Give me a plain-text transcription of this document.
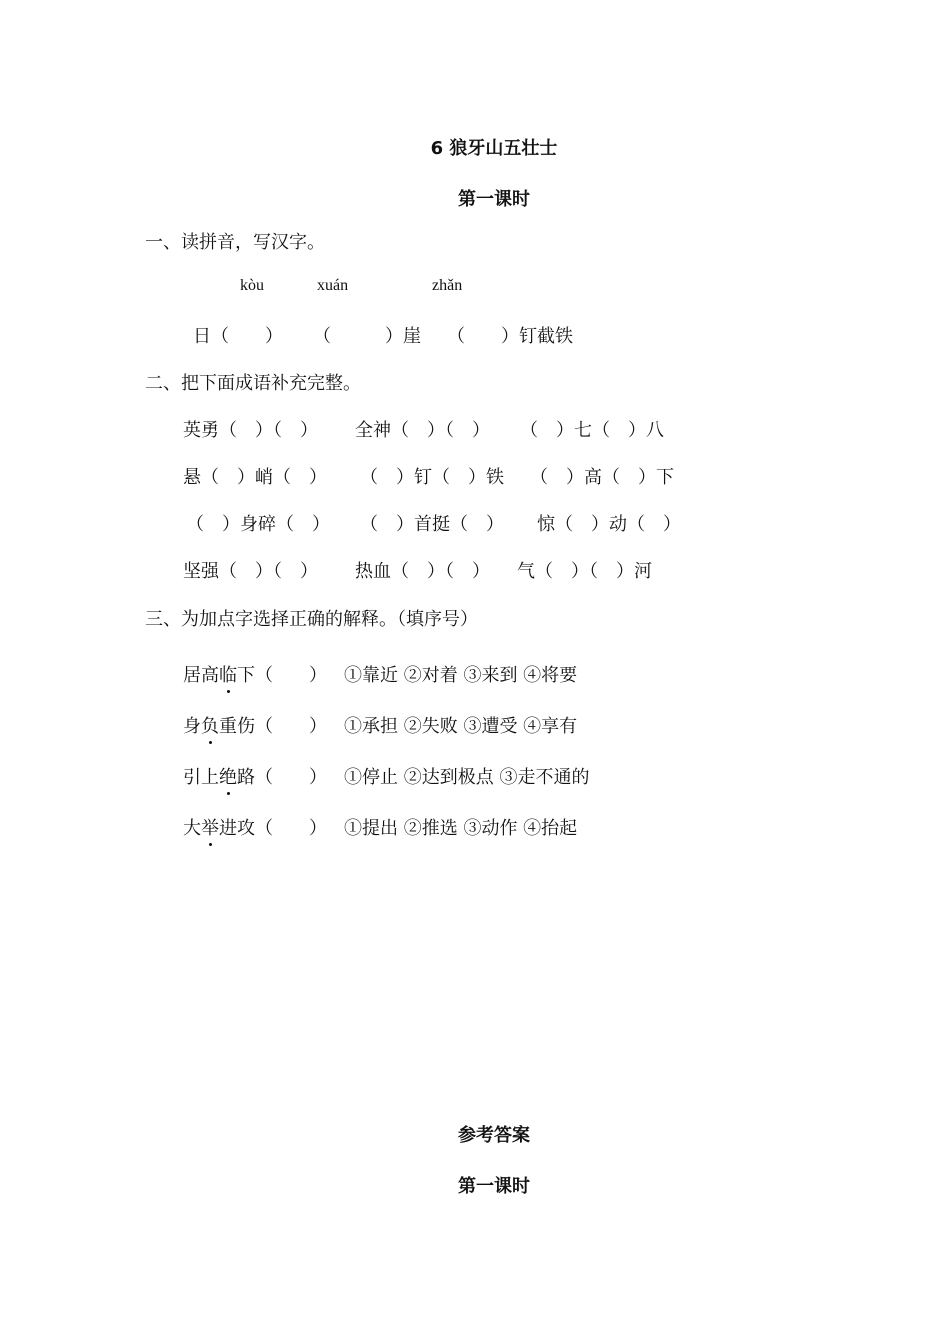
6 狼牙山五壮士
第一课时
一、读拼音，写汉字。
kòu	xuán	zhǎn
日（　　） （　　　）崖 （　　）钉截铁
二、把下面成语补充完整。
英勇（　）（　） 全神（　）（　） （　）七（　）八
悬（　）峭（　） （　）钉（　）铁 （　）高（　）下
（　）身碎（　） （　）首挺（　） 惊（　）动（　）
坚强（　）（　） 热血（　）（　） 气（　）（　）河
三、为加点字选择正确的解释。（填序号）
居高临下（　　） ①靠近 ②对着 ③来到 ④将要
身负重伤（　　） ①承担 ②失败 ③遭受 ④享有
引上绝路（　　） ①停止 ②达到极点 ③走不通的
大举进攻（　　） ①提出 ②推选 ③动作 ④抬起
参考答案
第一课时
